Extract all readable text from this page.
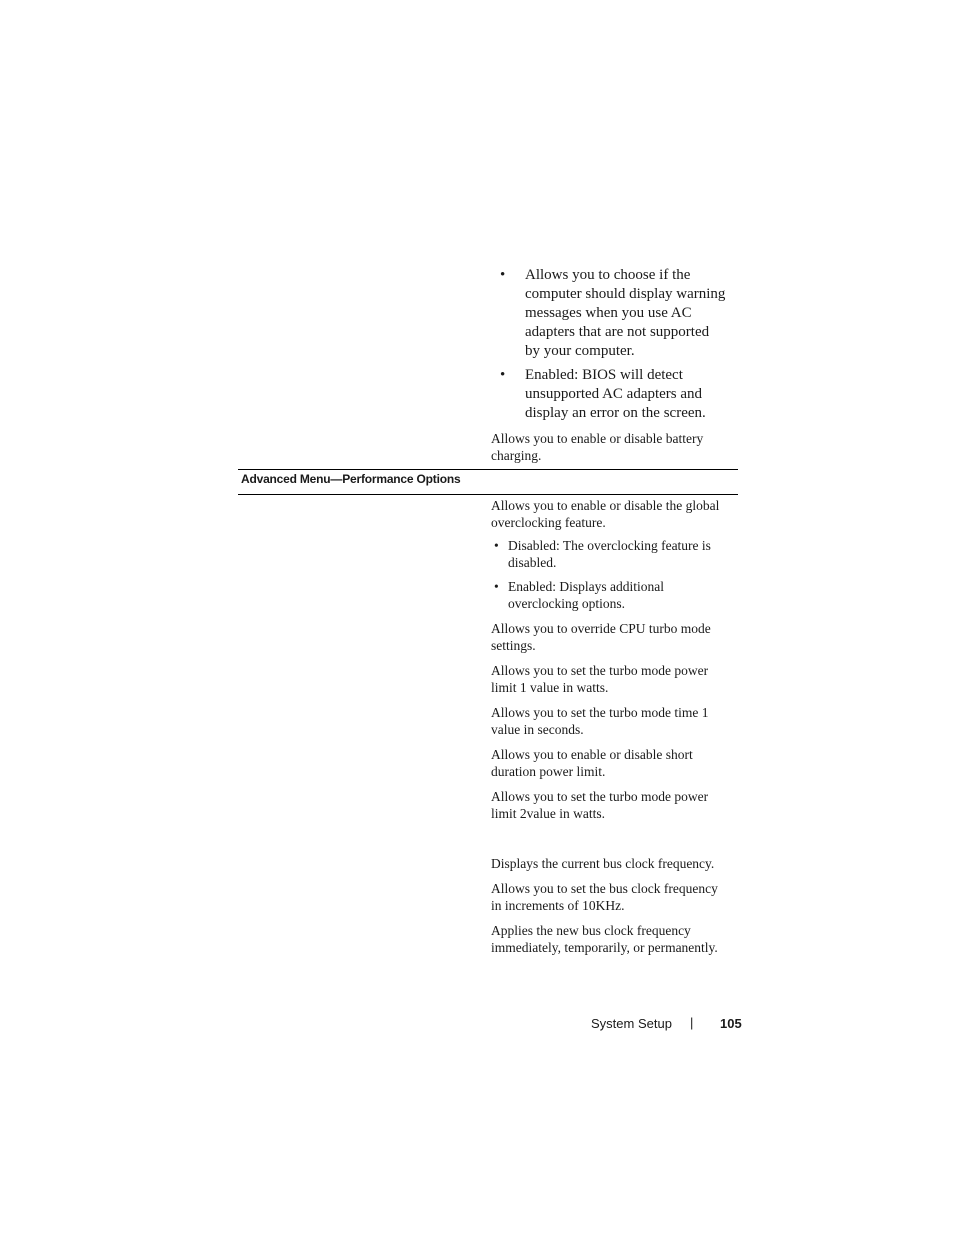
• Allows you to choose if the
computer should display warning
messages when you use AC
adapters that are not supported
by your computer.
• Enabled: BIOS will detect
unsupported AC adapters and
display an error on the screen.
Allows you to enable or disable battery
charging.
Advanced Menu—Performance Options
Allows you to enable or disable the global
overclocking feature.
• Disabled: The overclocking feature is
disabled.
• Enabled: Displays additional
overclocking options.
Allows you to override CPU turbo mode
settings.
Allows you to set the turbo mode power
limit 1 value in watts.
Allows you to set the turbo mode time 1
value in seconds.
Allows you to enable or disable short
duration power limit.
Allows you to set the turbo mode power
limit 2value in watts.
Displays the current bus clock frequency.
Allows you to set the bus clock frequency
in increments of 10KHz.
Applies the new bus clock frequency
immediately, temporarily, or permanently.
System Setup | 105
